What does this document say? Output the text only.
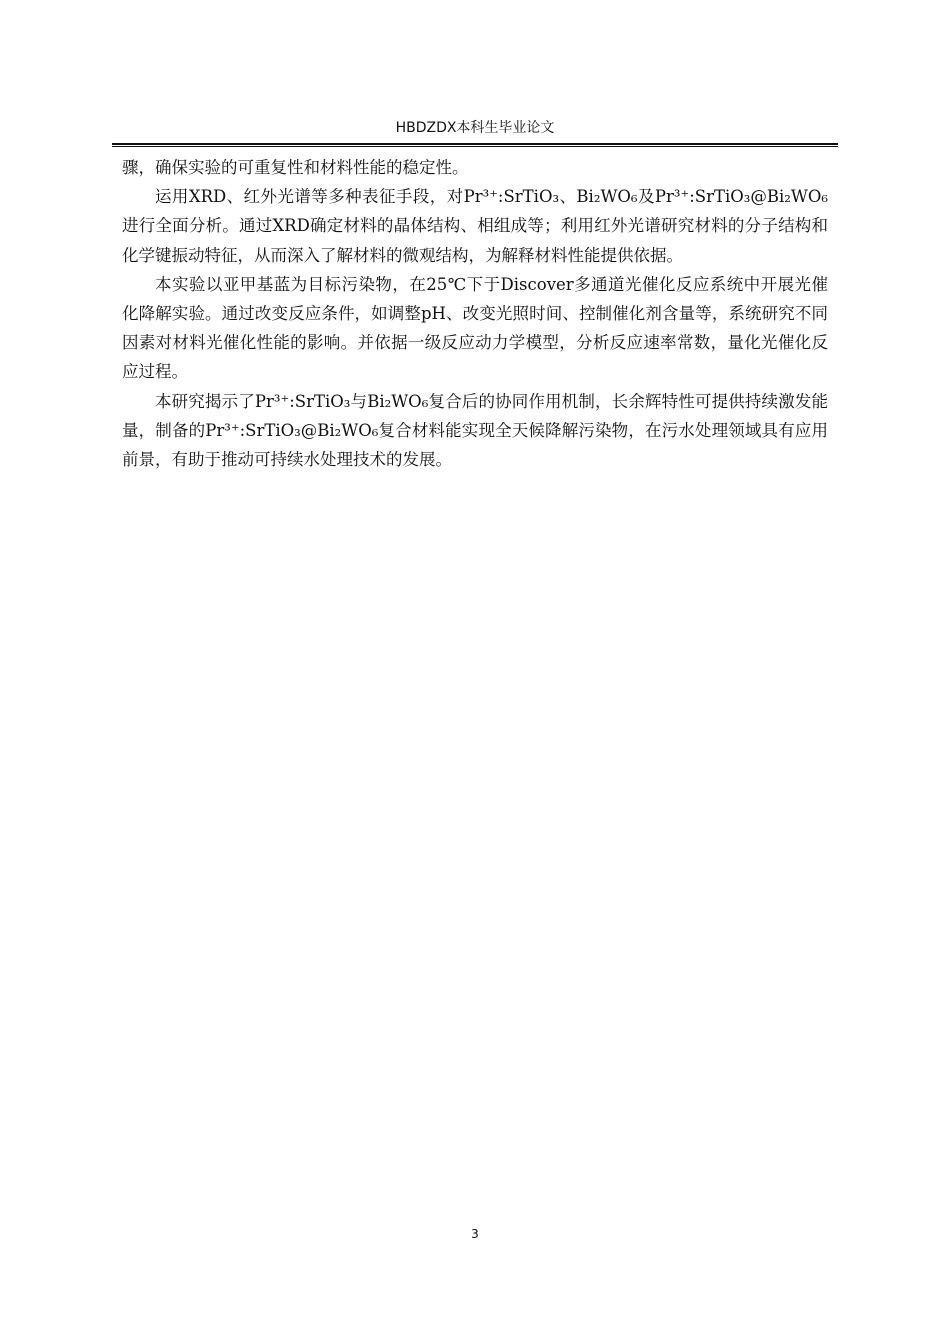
HBDZDX本科生毕业论文

骤，确保实验的可重复性和材料性能的稳定性。

运用XRD、红外光谱等多种表征手段，对Pr³⁺:SrTiO₃、Bi₂WO₆及Pr³⁺:SrTiO₃@Bi₂WO₆进行全面分析。通过XRD确定材料的晶体结构、相组成等；利用红外光谱研究材料的分子结构和化学键振动特征，从而深入了解材料的微观结构，为解释材料性能提供依据。

本实验以亚甲基蓝为目标污染物，在25℃下于Discover多通道光催化反应系统中开展光催化降解实验。通过改变反应条件，如调整pH、改变光照时间、控制催化剂含量等，系统研究不同因素对材料光催化性能的影响。并依据一级反应动力学模型，分析反应速率常数，量化光催化反应过程。

本研究揭示了Pr³⁺:SrTiO₃与Bi₂WO₆复合后的协同作用机制，长余辉特性可提供持续激发能量，制备的Pr³⁺:SrTiO₃@Bi₂WO₆复合材料能实现全天候降解污染物，在污水处理领域具有应用前景，有助于推动可持续水处理技术的发展。

3
